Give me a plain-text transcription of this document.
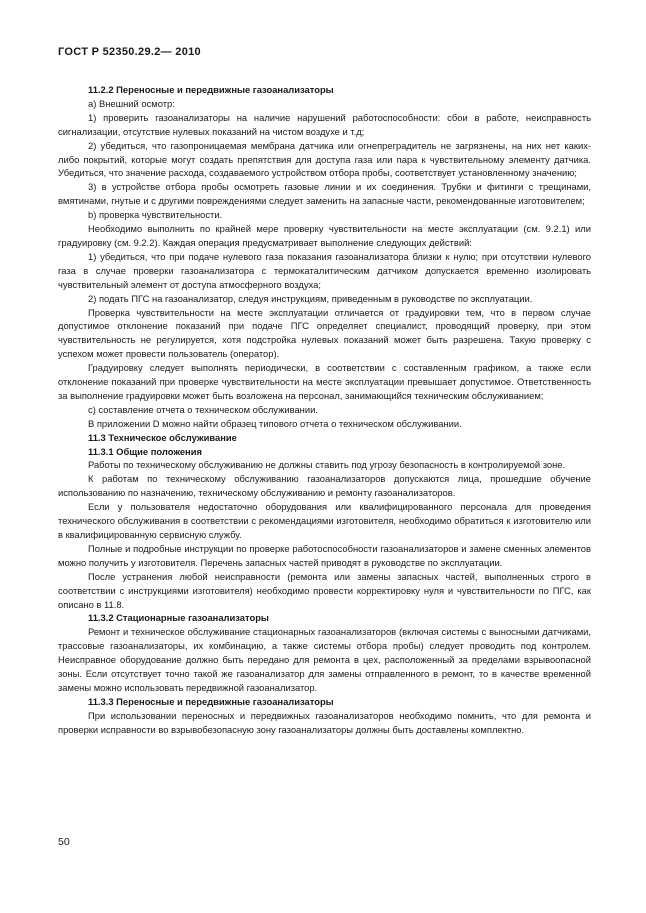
ГОСТ Р 52350.29.2— 2010

11.2.2 Переносные и передвижные газоанализаторы

а) Внешний осмотр:

1) проверить газоанализаторы на наличие нарушений работоспособности: сбои в работе, неисправность сигнализации, отсутствие нулевых показаний на чистом воздухе и т.д;

2) убедиться, что газопроницаемая мембрана датчика или огнепреградитель не загрязнены, на них нет каких-либо покрытий, которые могут создать препятствия для доступа газа или пара к чувствительному элементу датчика. Убедиться, что значение расхода, создаваемого устройством отбора пробы, соответствует установленному значению;

3) в устройстве отбора пробы осмотреть газовые линии и их соединения. Трубки и фитинги с трещинами, вмятинами, гнутые и с другими повреждениями следует заменить на запасные части, рекомендованные изготовителем;

b) проверка чувствительности.

Необходимо выполнить по крайней мере проверку чувствительности на месте эксплуатации (см. 9.2.1) или градуировку (см. 9.2.2). Каждая операция предусматривает выполнение следующих действий:

1) убедиться, что при подаче нулевого газа показания газоанализатора близки к нулю; при отсутствии нулевого газа в случае проверки газоанализатора с термокаталитическим датчиком допускается временно изолировать чувствительный элемент от доступа атмосферного воздуха;

2) подать ПГС на газоанализатор, следуя инструкциям, приведенным в руководстве по эксплуатации.

Проверка чувствительности на месте эксплуатации отличается от градуировки тем, что в первом случае допустимое отклонение показаний при подаче ПГС определяет специалист, проводящий проверку, при этом чувствительность не регулируется, хотя подстройка нулевых показаний может быть разрешена. Такую проверку с успехом может провести пользователь (оператор).

Градуировку следует выполнять периодически, в соответствии с составленным графиком, а также если отклонение показаний при проверке чувствительности на месте эксплуатации превышает допустимое. Ответственность за выполнение градуировки может быть возложена на персонал, занимающийся техническим обслуживанием;

с) составление отчета о техническом обслуживании.

В приложении D можно найти образец типового отчета о техническом обслуживании.

11.3 Техническое обслуживание

11.3.1 Общие положения

Работы по техническому обслуживанию не должны ставить под угрозу безопасность в контролируемой зоне.

К работам по техническому обслуживанию газоанализаторов допускаются лица, прошедшие обучение использованию по назначению, техническому обслуживанию и ремонту газоанализаторов.

Если у пользователя недостаточно оборудования или квалифицированного персонала для проведения технического обслуживания в соответствии с рекомендациями изготовителя, необходимо обратиться к изготовителю или в квалифицированную сервисную службу.

Полные и подробные инструкции по проверке работоспособности газоанализаторов и замене сменных элементов можно получить у изготовителя. Перечень запасных частей приводят в руководстве по эксплуатации.

После устранения любой неисправности (ремонта или замены запасных частей, выполненных строго в соответствии с инструкциями изготовителя) необходимо провести корректировку нуля и чувствительности по ПГС, как описано в 11.8.

11.3.2 Стационарные газоанализаторы

Ремонт и техническое обслуживание стационарных газоанализаторов (включая системы с выносными датчиками, трассовые газоанализаторы, их комбинацию, а также системы отбора пробы) следует проводить под контролем. Неисправное оборудование должно быть передано для ремонта в цех, расположенный за пределами взрывоопасной зоны. Если отсутствует точно такой же газоанализатор для замены отправленного в ремонт, то в качестве временной замены можно использовать передвижной газоанализатор.

11.3.3 Переносные и передвижные газоанализаторы

При использовании переносных и передвижных газоанализаторов необходимо помнить, что для ремонта и проверки исправности во взрывобезопасную зону газоанализаторы должны быть доставлены комплектно.

50
